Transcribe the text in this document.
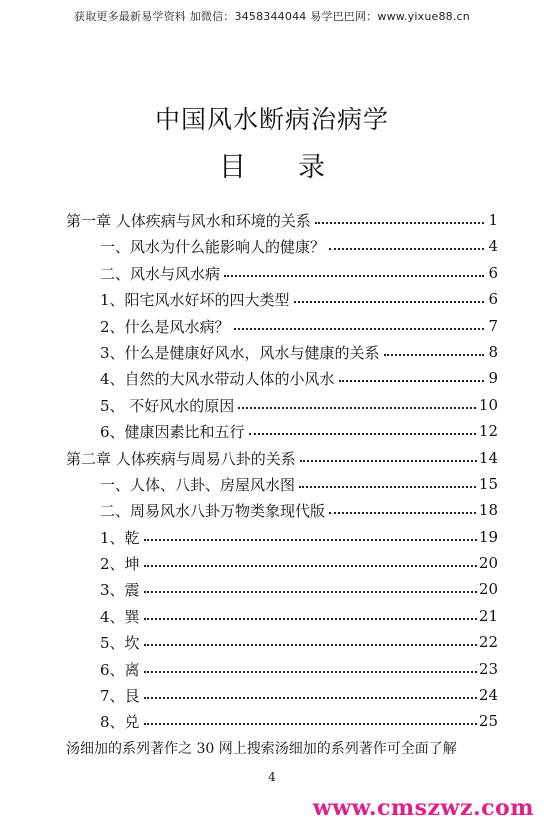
获取更多最新易学资料 加微信：3458344044 易学巴巴网：www.yixue88.cn
中国风水断病治病学
目录
第一章 人体疾病与风水和环境的关系	1
一、风水为什么能影响人的健康？	4
二、风水与风水病	6
1、阳宅风水好坏的四大类型	6
2、什么是风水病？	7
3、什么是健康好风水，风水与健康的关系	8
4、自然的大风水带动人体的小风水	9
5、 不好风水的原因	10
6、健康因素比和五行	12
第二章 人体疾病与周易八卦的关系	14
一、人体、八卦、房屋风水图	15
二、周易风水八卦万物类象现代版	18
1、乾	19
2、坤	20
3、震	20
4、巽	21
5、坎	22
6、离	23
7、艮	24
8、兑	25
汤细加的系列著作之 30 网上搜索汤细加的系列著作可全面了解
4
www.cmszwz.com
